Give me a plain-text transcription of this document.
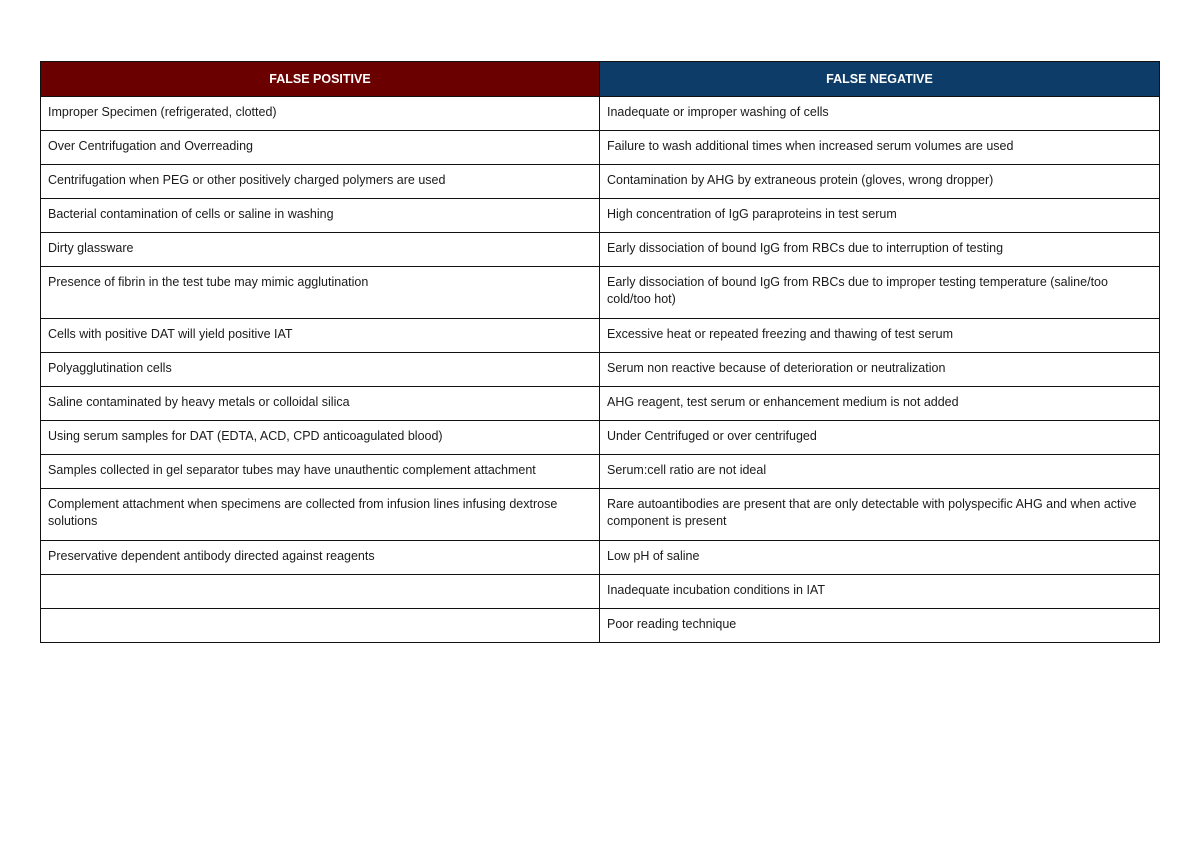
FALSE POSITIVE	FALSE NEGATIVE
Improper Specimen (refrigerated, clotted)	Inadequate or improper washing of cells
Over Centrifugation and Overreading	Failure to wash additional times when increased serum volumes are used
Centrifugation when PEG or other positively charged polymers are used	Contamination by AHG by extraneous protein (gloves, wrong dropper)
Bacterial contamination of cells or saline in washing	High concentration of IgG paraproteins in test serum
Dirty glassware	Early dissociation of bound IgG from RBCs due to interruption of testing
Presence of fibrin in the test tube may mimic agglutination	Early dissociation of bound IgG from RBCs due to improper testing temperature (saline/too cold/too hot)
Cells with positive DAT will yield positive IAT	Excessive heat or repeated freezing and thawing of test serum
Polyagglutination cells	Serum non reactive because of deterioration or neutralization
Saline contaminated by heavy metals or colloidal silica	AHG reagent, test serum or enhancement medium is not added
Using serum samples for DAT (EDTA, ACD, CPD anticoagulated blood)	Under Centrifuged or over centrifuged
Samples collected in gel separator tubes may have unauthentic complement attachment	Serum:cell ratio are not ideal
Complement attachment when specimens are collected from infusion lines infusing dextrose solutions	Rare autoantibodies are present that are only detectable with polyspecific AHG and when active component is present
Preservative dependent antibody directed against reagents	Low pH of saline
	Inadequate incubation conditions in IAT
	Poor reading technique
